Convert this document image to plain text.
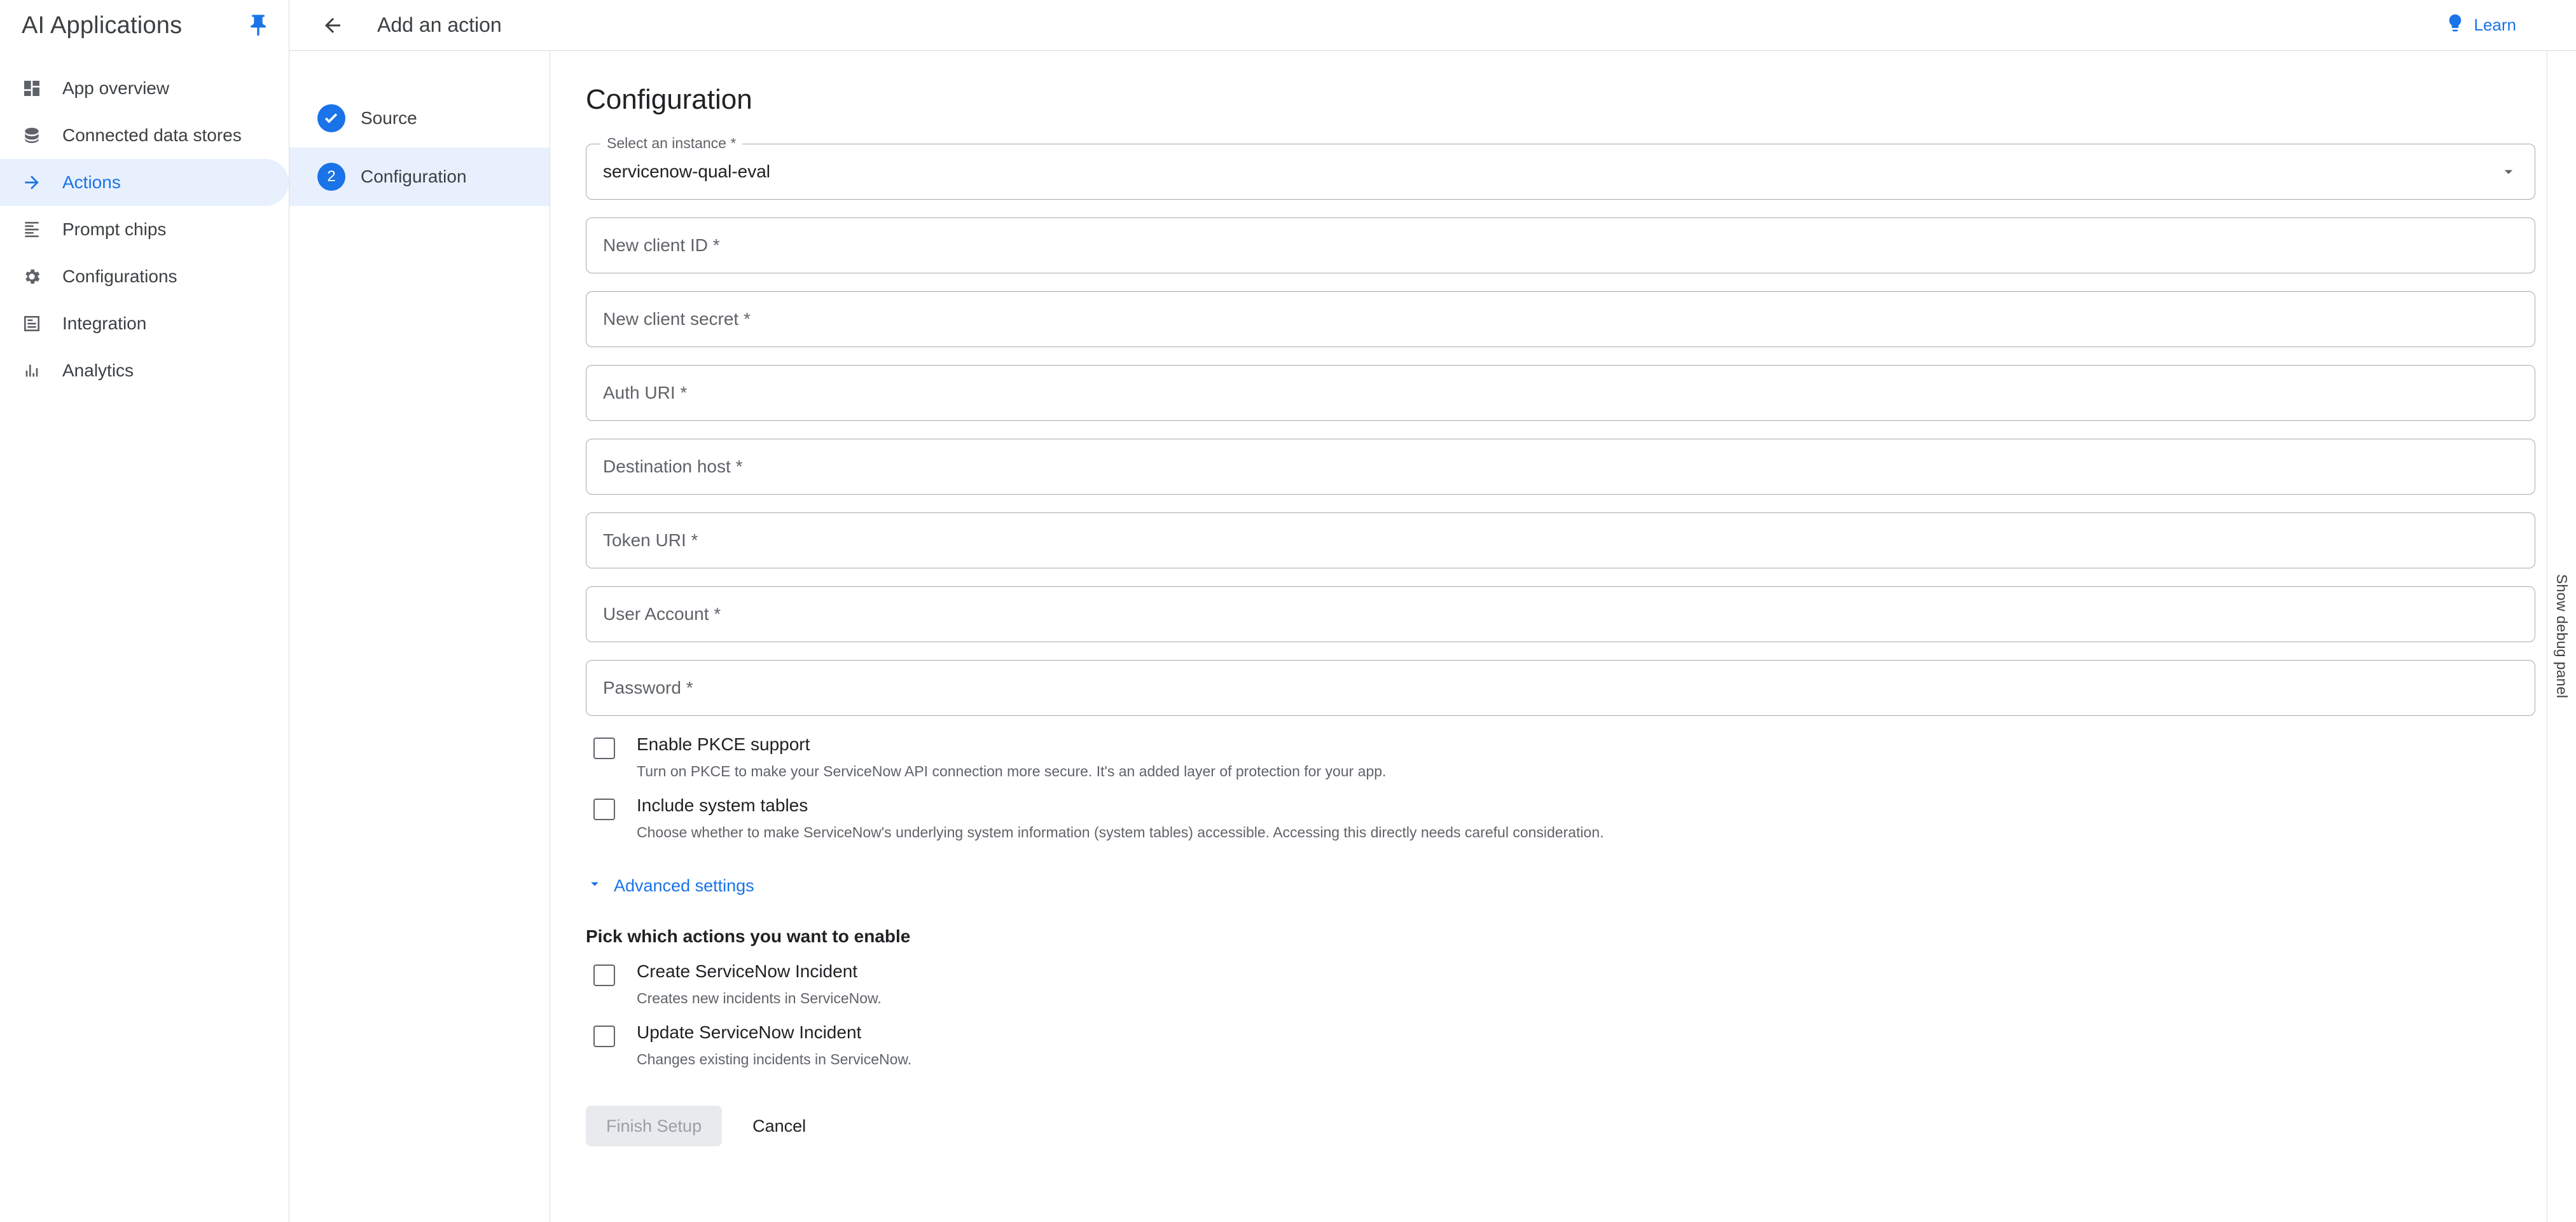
AI Applications
App overview
Connected data stores
Actions
Prompt chips
Configurations
Integration
Analytics
Add an action	Learn
Source
2	Configuration
Configuration
Select an instance *
servicenow-qual-eval
New client ID *
New client secret *
Auth URI *
Destination host *
Token URI *
User Account *
Password *
Enable PKCE support
Turn on PKCE to make your ServiceNow API connection more secure. It's an added layer of protection for your app.
Include system tables
Choose whether to make ServiceNow's underlying system information (system tables) accessible. Accessing this directly needs careful consideration.
Advanced settings
Pick which actions you want to enable
Create ServiceNow Incident
Creates new incidents in ServiceNow.
Update ServiceNow Incident
Changes existing incidents in ServiceNow.
Finish Setup	Cancel
Show debug panel
